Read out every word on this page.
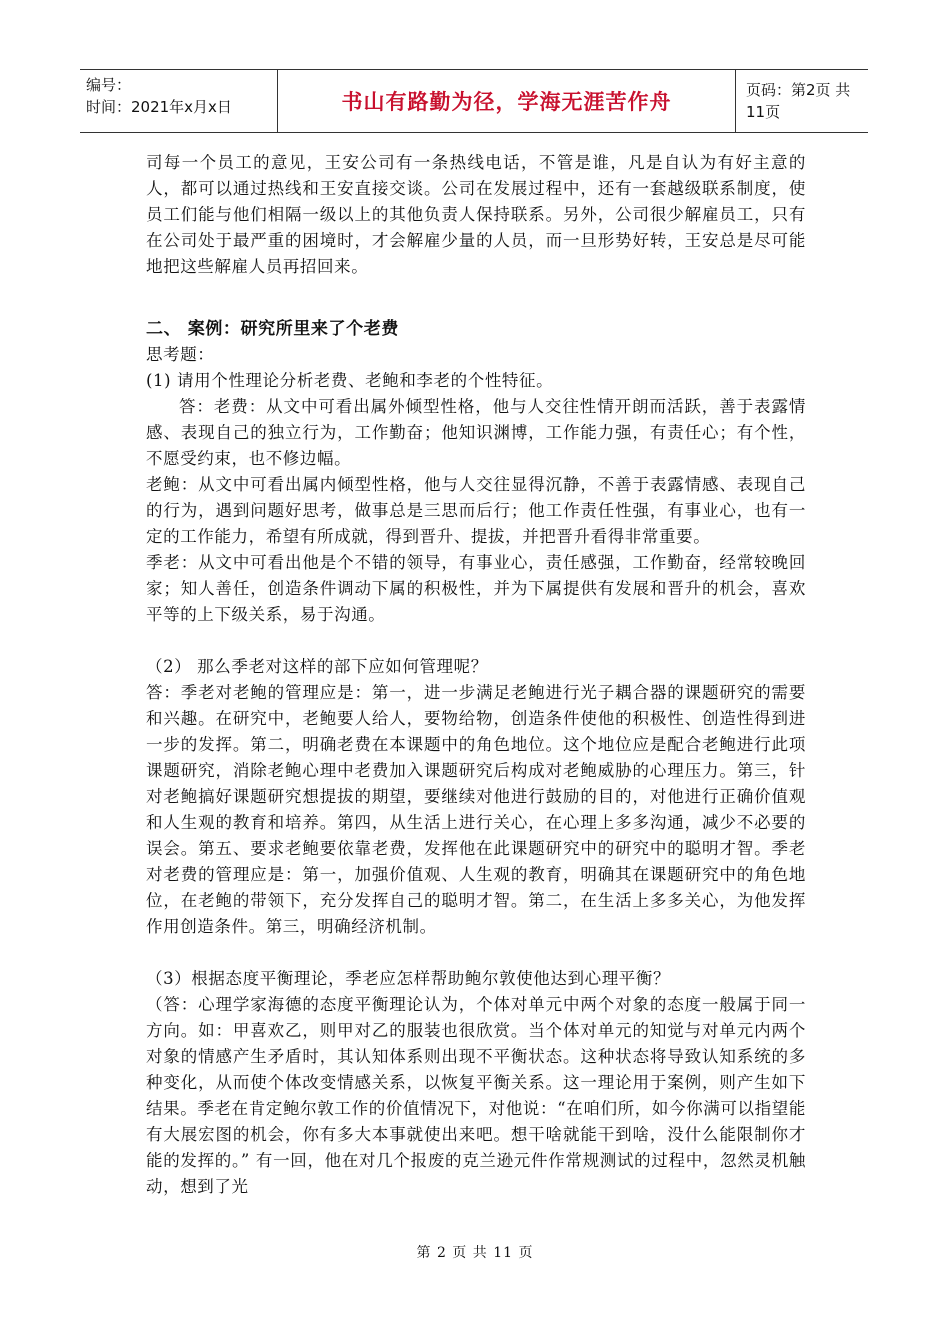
编号：
时间：2021年x月x日	书山有路勤为径，学海无涯苦作舟	页码：第2页 共11页

司每一个员工的意见，王安公司有一条热线电话，不管是谁，凡是自认为有好主意的人，都可以通过热线和王安直接交谈。公司在发展过程中，还有一套越级联系制度，使员工们能与他们相隔一级以上的其他负责人保持联系。另外，公司很少解雇员工，只有在公司处于最严重的困境时，才会解雇少量的人员，而一旦形势好转，王安总是尽可能地把这些解雇人员再招回来。

二、 案例：研究所里来了个老费

思考题：

(1) 请用个性理论分析老费、老鲍和李老的个性特征。

答：老费：从文中可看出属外倾型性格，他与人交往性情开朗而活跃，善于表露情感、表现自己的独立行为，工作勤奋；他知识渊博，工作能力强，有责任心；有个性，不愿受约束，也不修边幅。

老鲍：从文中可看出属内倾型性格，他与人交往显得沉静，不善于表露情感、表现自己的行为，遇到问题好思考，做事总是三思而后行；他工作责任性强，有事业心，也有一定的工作能力，希望有所成就，得到晋升、提拔，并把晋升看得非常重要。

季老：从文中可看出他是个不错的领导，有事业心，责任感强，工作勤奋，经常较晚回家；知人善任，创造条件调动下属的积极性，并为下属提供有发展和晋升的机会，喜欢平等的上下级关系，易于沟通。

（2） 那么季老对这样的部下应如何管理呢？

答：季老对老鲍的管理应是：第一，进一步满足老鲍进行光子耦合器的课题研究的需要和兴趣。在研究中，老鲍要人给人，要物给物，创造条件使他的积极性、创造性得到进一步的发挥。第二，明确老费在本课题中的角色地位。这个地位应是配合老鲍进行此项课题研究，消除老鲍心理中老费加入课题研究后构成对老鲍威胁的心理压力。第三，针对老鲍搞好课题研究想提拔的期望，要继续对他进行鼓励的目的，对他进行正确价值观和人生观的教育和培养。第四，从生活上进行关心，在心理上多多沟通，减少不必要的误会。第五、要求老鲍要依靠老费，发挥他在此课题研究中的研究中的聪明才智。季老对老费的管理应是：第一，加强价值观、人生观的教育，明确其在课题研究中的角色地位，在老鲍的带领下，充分发挥自己的聪明才智。第二，在生活上多多关心，为他发挥作用创造条件。第三，明确经济机制。

（3）根据态度平衡理论，季老应怎样帮助鲍尔敦使他达到心理平衡？

（答：心理学家海德的态度平衡理论认为，个体对单元中两个对象的态度一般属于同一方向。如：甲喜欢乙，则甲对乙的服装也很欣赏。当个体对单元的知觉与对单元内两个对象的情感产生矛盾时，其认知体系则出现不平衡状态。这种状态将导致认知系统的多种变化，从而使个体改变情感关系，以恢复平衡关系。这一理论用于案例，则产生如下结果。季老在肯定鲍尔敦工作的价值情况下，对他说：“在咱们所，如今你满可以指望能有大展宏图的机会，你有多大本事就使出来吧。想干啥就能干到啥，没什么能限制你才能的发挥的。” 有一回，他在对几个报废的克兰逊元件作常规测试的过程中，忽然灵机触动，想到了光

第 2 页 共 11 页
